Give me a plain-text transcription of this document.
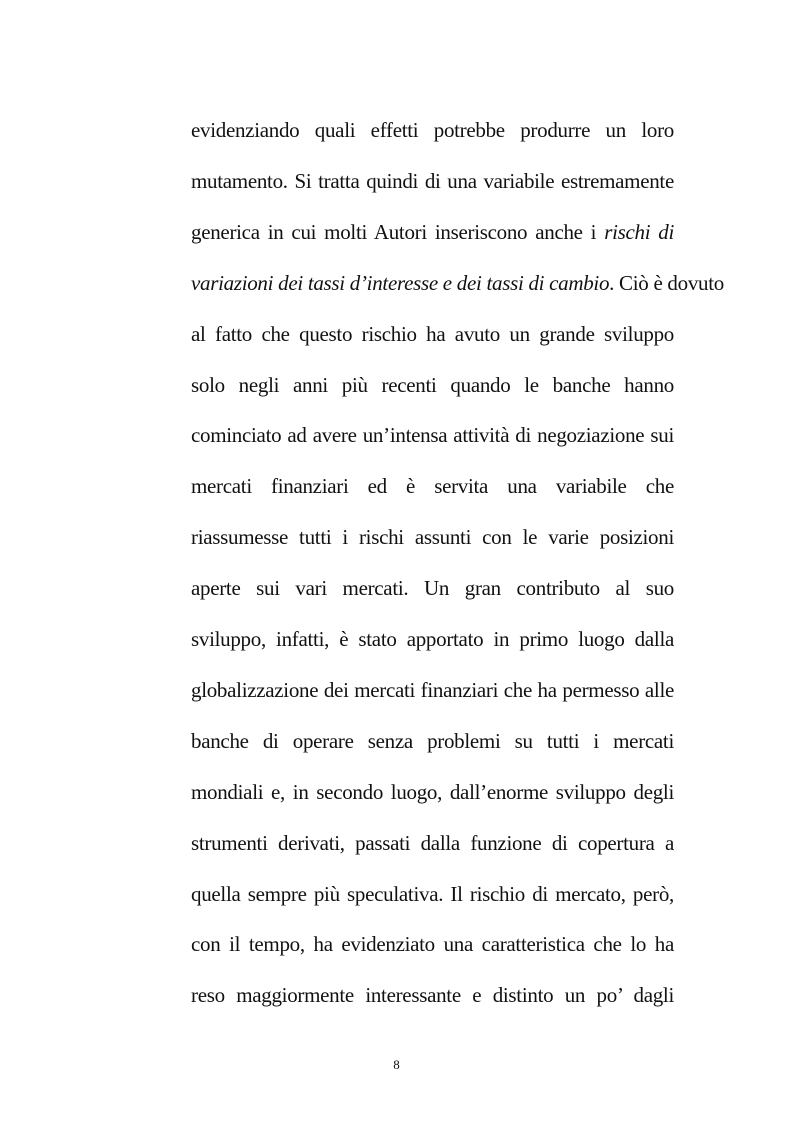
evidenziando quali effetti potrebbe produrre un loro
mutamento. Si tratta quindi di una variabile estremamente
generica in cui molti Autori inseriscono anche i rischi di
variazioni dei tassi d’interesse e dei tassi di cambio. Ciò è dovuto
al fatto che questo rischio ha avuto un grande sviluppo
solo negli anni più recenti quando le banche hanno
cominciato ad avere un’intensa attività di negoziazione sui
mercati finanziari ed è servita una variabile che
riassumesse tutti i rischi assunti con le varie posizioni
aperte sui vari mercati. Un gran contributo al suo
sviluppo, infatti, è stato apportato in primo luogo dalla
globalizzazione dei mercati finanziari che ha permesso alle
banche di operare senza problemi su tutti i mercati
mondiali e, in secondo luogo, dall’enorme sviluppo degli
strumenti derivati, passati dalla funzione di copertura a
quella sempre più speculativa. Il rischio di mercato, però,
con il tempo, ha evidenziato una caratteristica che lo ha
reso maggiormente interessante e distinto un po’ dagli
8
